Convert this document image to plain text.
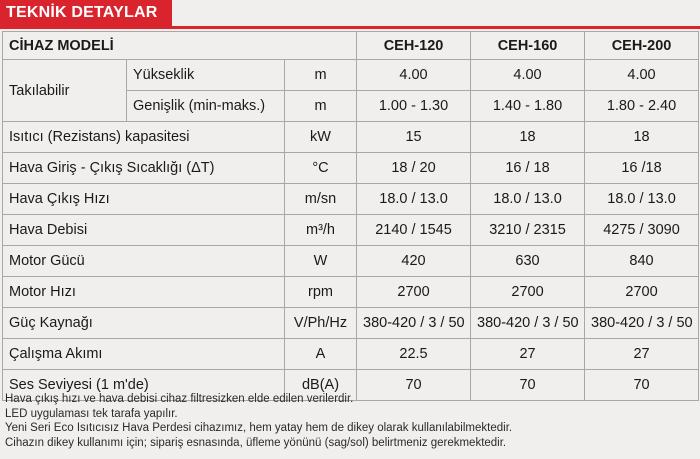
TEKNİK DETAYLAR
CİHAZ MODELİ			CEH-120	CEH-160	CEH-200
Takılabilir	Yükseklik	m	4.00	4.00	4.00
	Genişlik (min-maks.)	m	1.00 - 1.30	1.40 - 1.80	1.80 - 2.40
Isıtıcı (Rezistans) kapasitesi		kW	15	18	18
Hava Giriş - Çıkış Sıcaklığı (ΔT)		°C	18 / 20	16 / 18	16 /18
Hava Çıkış Hızı		m/sn	18.0 / 13.0	18.0 / 13.0	18.0 / 13.0
Hava Debisi		m³/h	2140 / 1545	3210 / 2315	4275 / 3090
Motor Gücü		W	420	630	840
Motor Hızı		rpm	2700	2700	2700
Güç Kaynağı		V/Ph/Hz	380-420 / 3 / 50	380-420 / 3 / 50	380-420 / 3 / 50
Çalışma Akımı		A	22.5	27	27
Ses Seviyesi (1 m'de)		dB(A)	70	70	70
Hava çıkış hızı ve hava debisi cihaz filtresizken elde edilen verilerdir.
LED uygulaması tek tarafa yapılır.
Yeni Seri Eco Isıtıcısız Hava Perdesi cihazımız, hem yatay hem de dikey olarak kullanılabilmektedir.
Cihazın dikey kullanımı için; sipariş esnasında, üfleme yönünü (sag/sol) belirtmeniz gerekmektedir.
